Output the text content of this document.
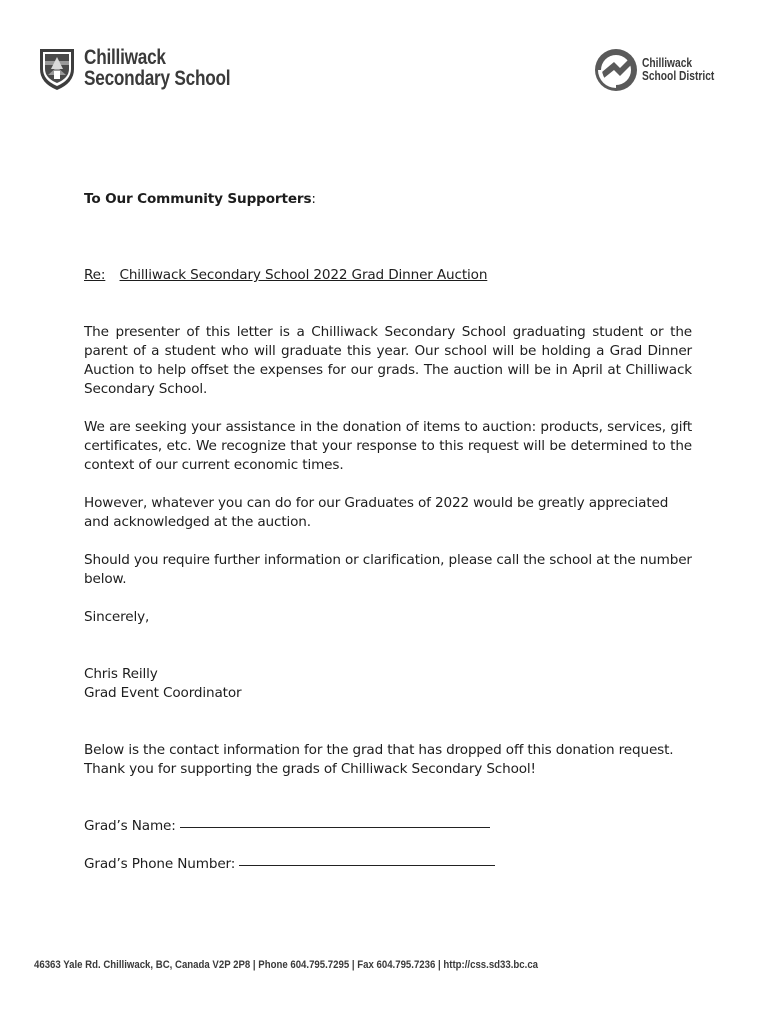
Chilliwack
Secondary School
Chilliwack
School District

To Our Community Supporters:

Re: Chilliwack Secondary School 2022 Grad Dinner Auction

The presenter of this letter is a Chilliwack Secondary School graduating student or the parent of a student who will graduate this year. Our school will be holding a Grad Dinner Auction to help offset the expenses for our grads. The auction will be in April at Chilliwack Secondary School.

We are seeking your assistance in the donation of items to auction: products, services, gift certificates, etc. We recognize that your response to this request will be determined to the context of our current economic times.

However, whatever you can do for our Graduates of 2022 would be greatly appreciated and acknowledged at the auction.

Should you require further information or clarification, please call the school at the number below.

Sincerely,

Chris Reilly

Grad Event Coordinator

Below is the contact information for the grad that has dropped off this donation request. Thank you for supporting the grads of Chilliwack Secondary School!

Grad’s Name:
Grad’s Phone Number:
46363 Yale Rd. Chilliwack, BC, Canada V2P 2P8 | Phone 604.795.7295 | Fax 604.795.7236 | http://css.sd33.bc.ca
